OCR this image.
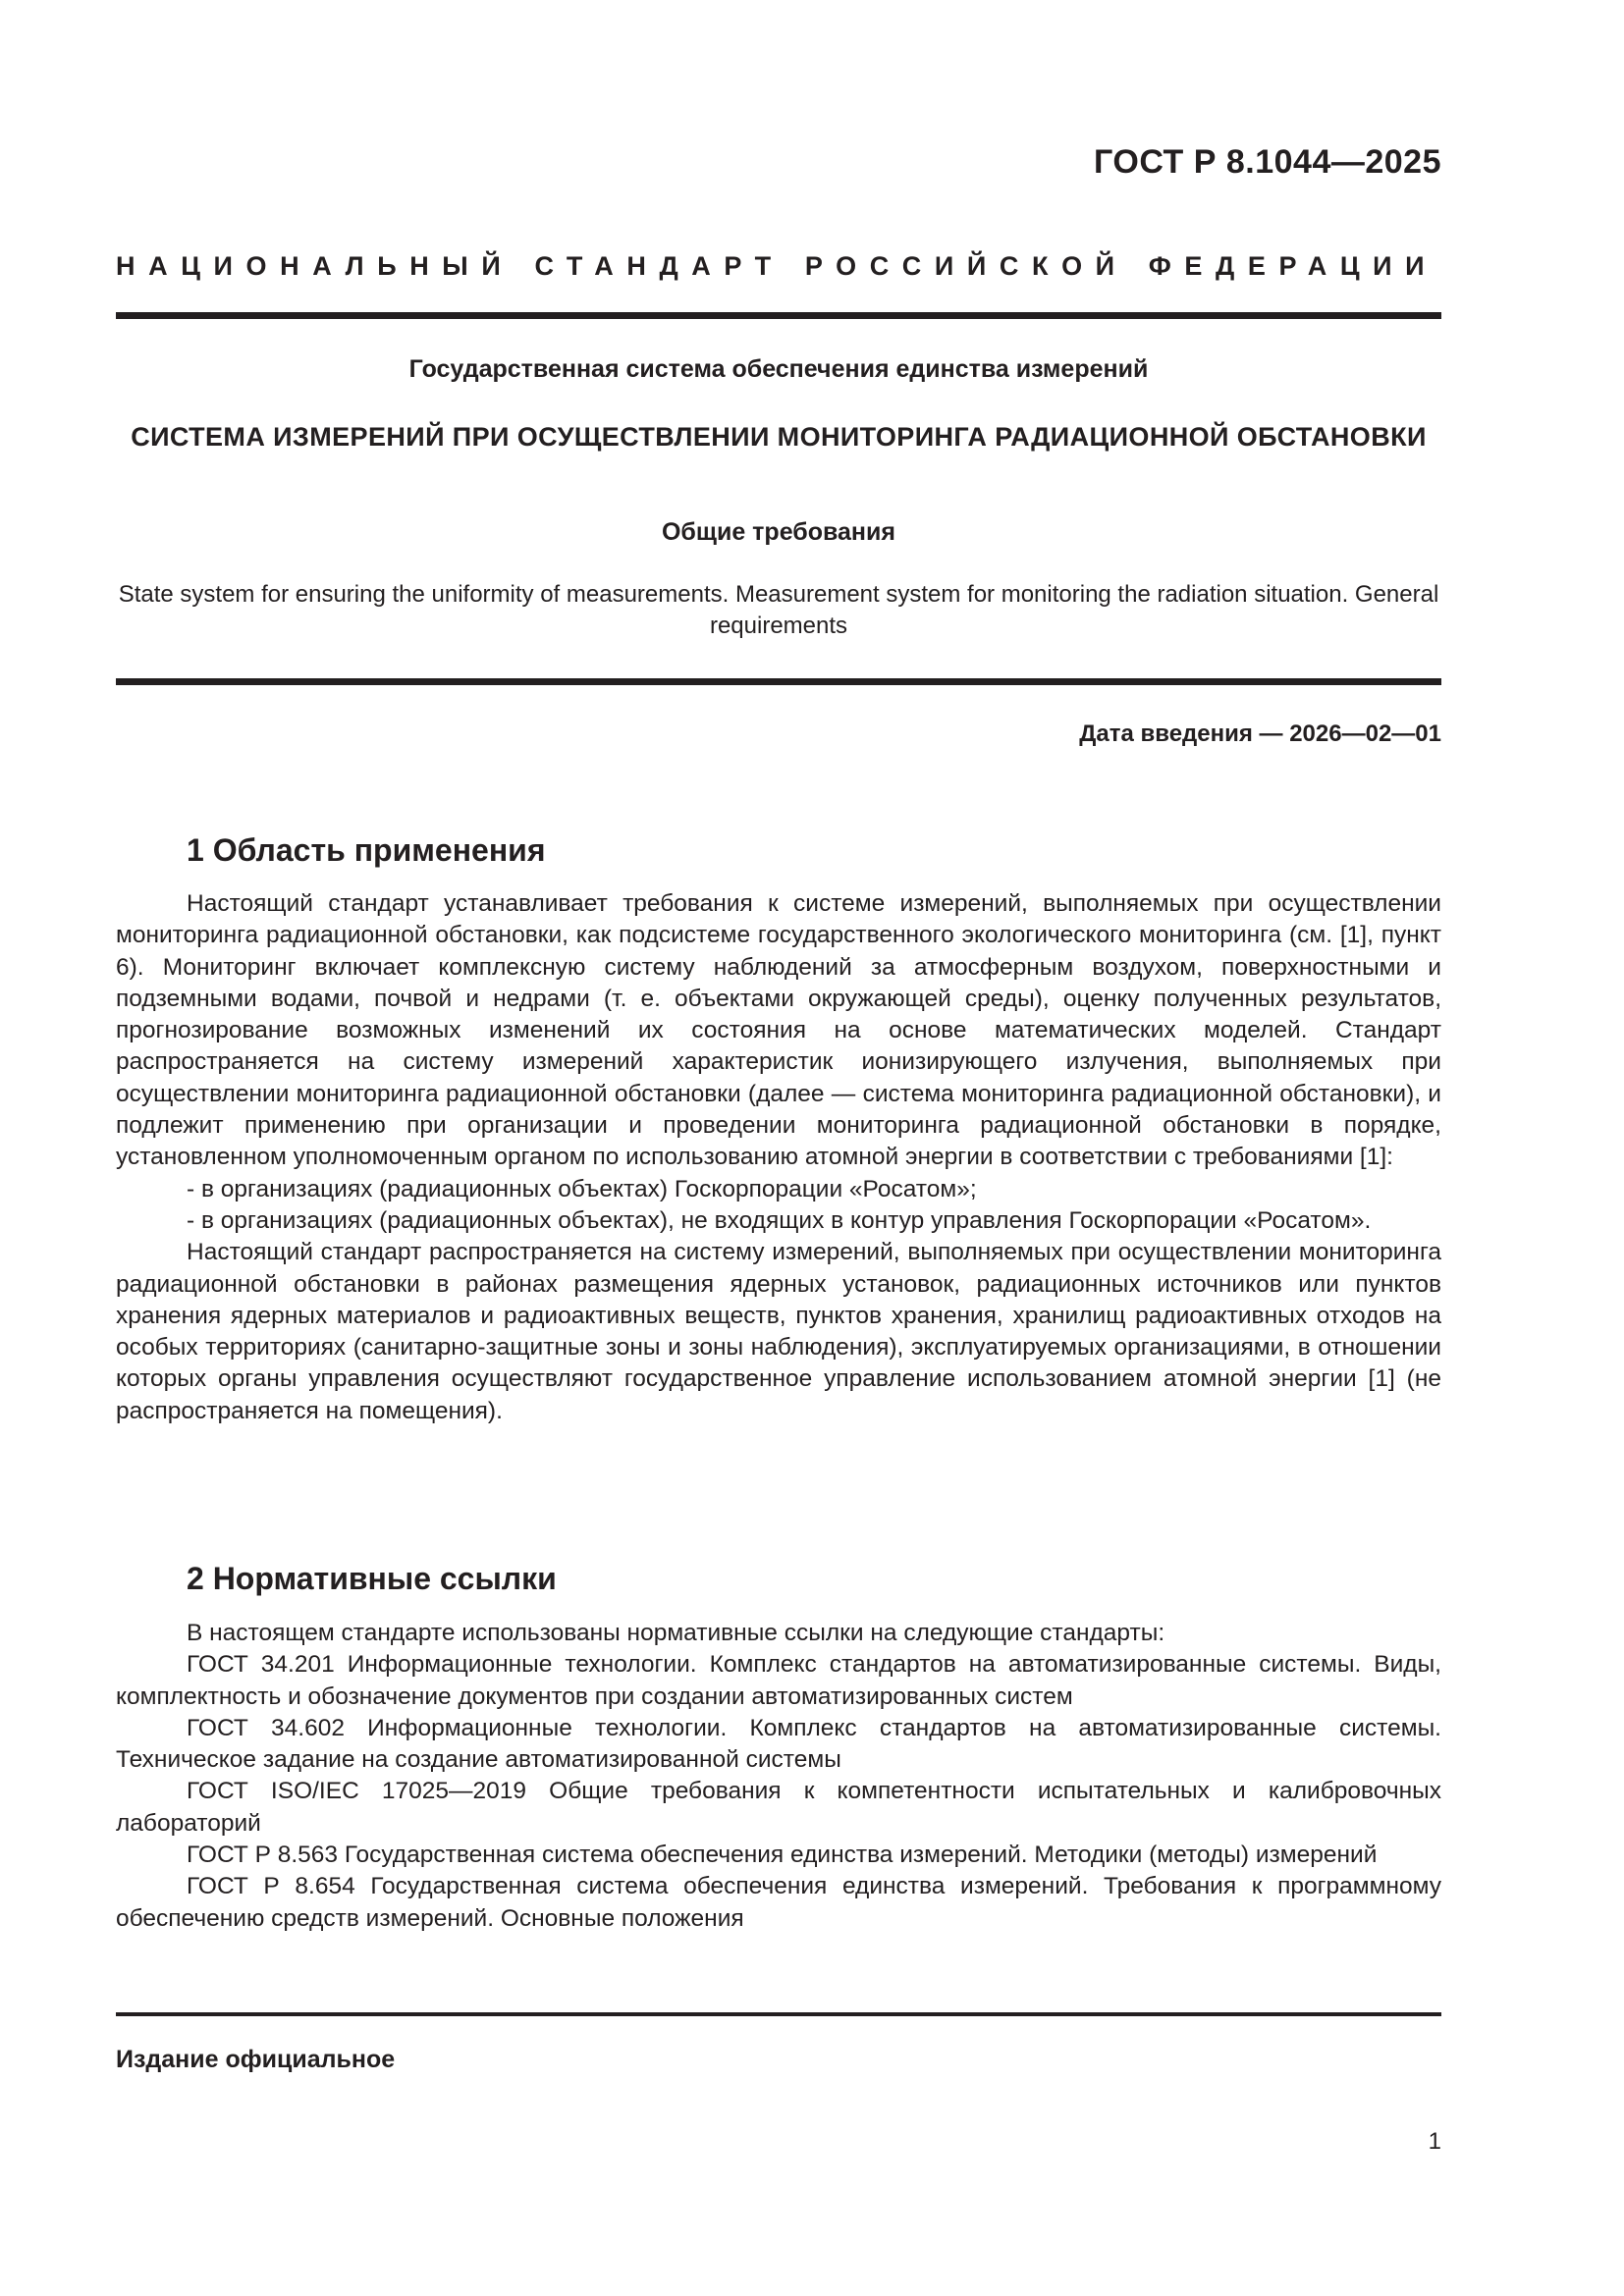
ГОСТ Р 8.1044—2025
НАЦИОНАЛЬНЫЙ СТАНДАРТ РОССИЙСКОЙ ФЕДЕРАЦИИ
Государственная система обеспечения единства измерений
СИСТЕМА ИЗМЕРЕНИЙ ПРИ ОСУЩЕСТВЛЕНИИ МОНИТОРИНГА РАДИАЦИОННОЙ ОБСТАНОВКИ
Общие требования
State system for ensuring the uniformity of measurements. Measurement system for monitoring the radiation situation. General requirements
Дата введения — 2026—02—01
1 Область применения

Настоящий стандарт устанавливает требования к системе измерений, выполняемых при осуществлении мониторинга радиационной обстановки, как подсистеме государственного экологического мониторинга (см. [1], пункт 6). Мониторинг включает комплексную систему наблюдений за атмосферным воздухом, поверхностными и подземными водами, почвой и недрами (т. е. объектами окружающей среды), оценку полученных результатов, прогнозирование возможных изменений их состояния на основе математических моделей. Стандарт распространяется на систему измерений характеристик ионизирующего излучения, выполняемых при осуществлении мониторинга радиационной обстановки (далее — система мониторинга радиационной обстановки), и подлежит применению при организации и проведении мониторинга радиационной обстановки в порядке, установленном уполномоченным органом по использованию атомной энергии в соответствии с требованиями [1]:

- в организациях (радиационных объектах) Госкорпорации «Росатом»;

- в организациях (радиационных объектах), не входящих в контур управления Госкорпорации «Росатом».

Настоящий стандарт распространяется на систему измерений, выполняемых при осуществлении мониторинга радиационной обстановки в районах размещения ядерных установок, радиационных источников или пунктов хранения ядерных материалов и радиоактивных веществ, пунктов хранения, хранилищ радиоактивных отходов на особых территориях (санитарно-защитные зоны и зоны наблюдения), эксплуатируемых организациями, в отношении которых органы управления осуществляют государственное управление использованием атомной энергии [1] (не распространяется на помещения).

2 Нормативные ссылки

В настоящем стандарте использованы нормативные ссылки на следующие стандарты:

ГОСТ 34.201 Информационные технологии. Комплекс стандартов на автоматизированные системы. Виды, комплектность и обозначение документов при создании автоматизированных систем

ГОСТ 34.602 Информационные технологии. Комплекс стандартов на автоматизированные системы. Техническое задание на создание автоматизированной системы

ГОСТ ISO/IEC 17025—2019 Общие требования к компетентности испытательных и калибровочных лабораторий

ГОСТ Р 8.563 Государственная система обеспечения единства измерений. Методики (методы) измерений

ГОСТ Р 8.654 Государственная система обеспечения единства измерений. Требования к программному обеспечению средств измерений. Основные положения

Издание официальное
1
